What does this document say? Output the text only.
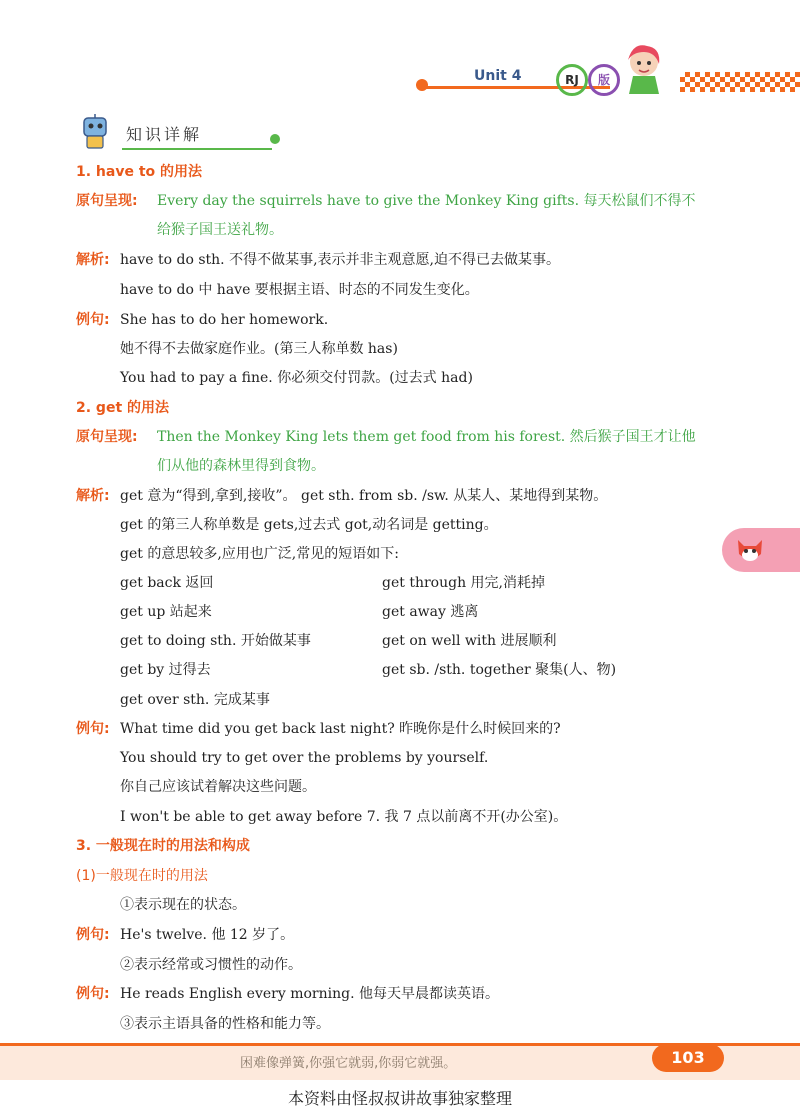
Unit 4	RJ	版
知识详解
1. have to 的用法
原句呈现: Every day the squirrels have to give the Monkey King gifts. 每天松鼠们不得不
给猴子国王送礼物。
解析: have to do sth. 不得不做某事,表示并非主观意愿,迫不得已去做某事。
have to do 中 have 要根据主语、时态的不同发生变化。
例句: She has to do her homework.
她不得不去做家庭作业。(第三人称单数 has)
You had to pay a fine. 你必须交付罚款。(过去式 had)
2. get 的用法
原句呈现: Then the Monkey King lets them get food from his forest. 然后猴子国王才让他
们从他的森林里得到食物。
解析: get 意为“得到,拿到,接收”。 get sth. from sb. /sw. 从某人、某地得到某物。
get 的第三人称单数是 gets,过去式 got,动名词是 getting。
get 的意思较多,应用也广泛,常见的短语如下:
get back 返回	get through 用完,消耗掉
get up 站起来	get away 逃离
get to doing sth. 开始做某事	get on well with 进展顺利
get by 过得去	get sb. /sth. together 聚集(人、物)
get over sth. 完成某事
例句: What time did you get back last night? 昨晚你是什么时候回来的?
You should try to get over the problems by yourself.
你自己应该试着解决这些问题。
I won't be able to get away before 7. 我 7 点以前离不开(办公室)。
3. 一般现在时的用法和构成
(1)一般现在时的用法
①表示现在的状态。
例句: He's twelve. 他 12 岁了。
②表示经常或习惯性的动作。
例句: He reads English every morning. 他每天早晨都读英语。
③表示主语具备的性格和能力等。
困难像弹簧,你强它就弱,你弱它就强。	103
本资料由怪叔叔讲故事独家整理
